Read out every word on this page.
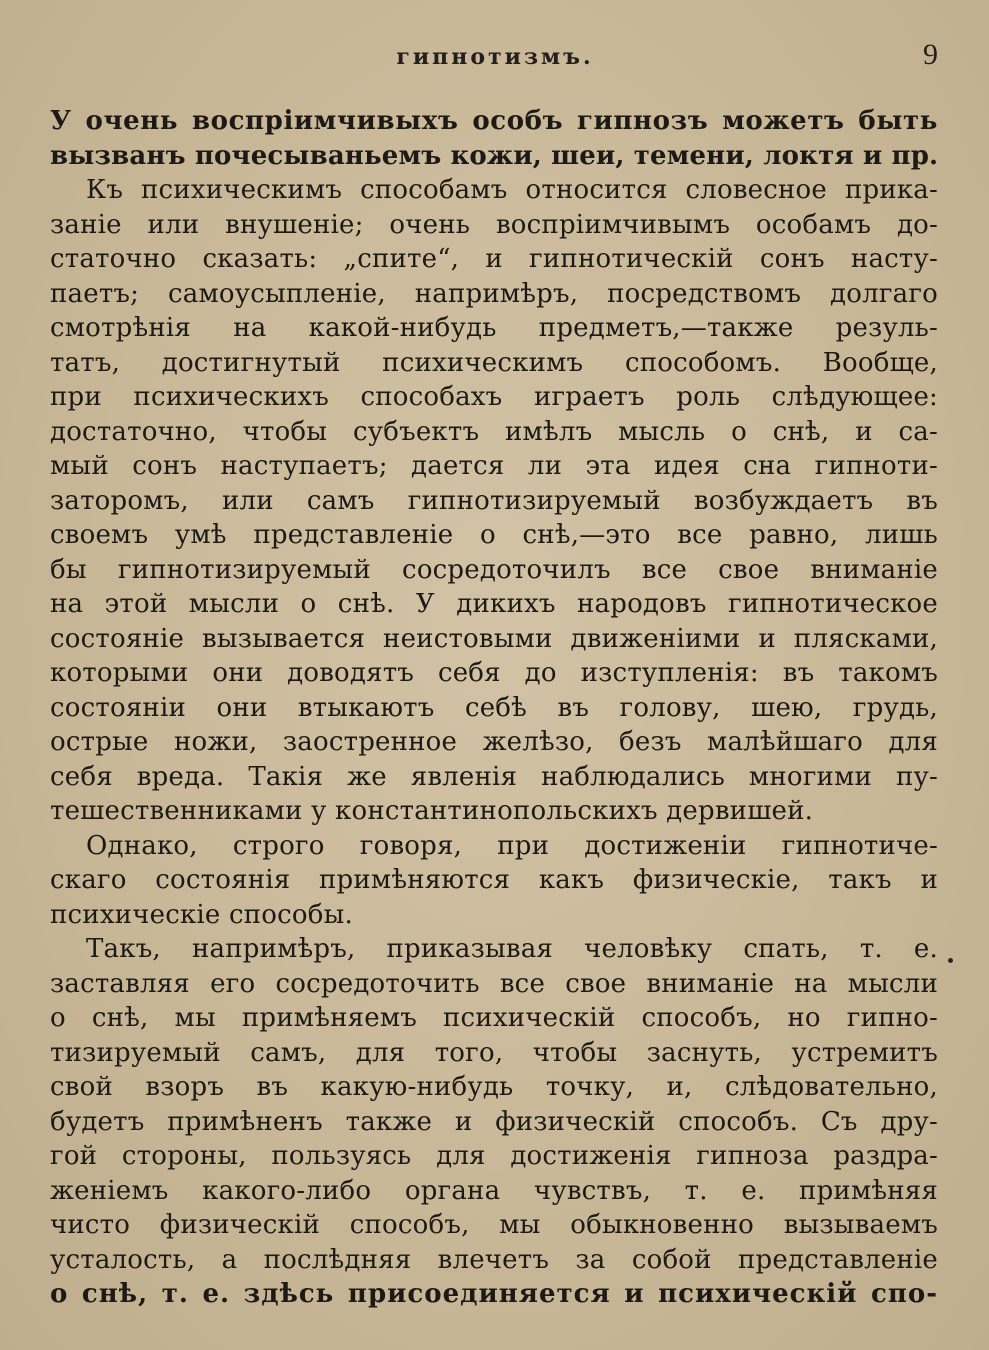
гипнотизмъ.	9
У очень воспріимчивыхъ особъ гипнозъ можетъ быть
вызванъ почесываньемъ кожи, шеи, темени, локтя и пр.
Къ психическимъ способамъ относится словесное прика-
заніе или внушеніе; очень воспріимчивымъ особамъ до-
статочно сказать: „спите“, и гипнотическій сонъ насту-
паетъ; самоусыпленіе, напримѣръ, посредствомъ долгаго
смотрѣнія на какой-нибудь предметъ,—также резуль-
татъ, достигнутый психическимъ способомъ. Вообще,
при психическихъ способахъ играетъ роль слѣдующее:
достаточно, чтобы субъектъ имѣлъ мысль о снѣ, и са-
мый сонъ наступаетъ; дается ли эта идея сна гипноти-
заторомъ, или самъ гипнотизируемый возбуждаетъ въ
своемъ умѣ представленіе о снѣ,—это все равно, лишь
бы гипнотизируемый сосредоточилъ все свое вниманіе
на этой мысли о снѣ. У дикихъ народовъ гипнотическое
состояніе вызывается неистовыми движеніими и плясками,
которыми они доводятъ себя до изступленія: въ такомъ
состояніи они втыкаютъ себѣ въ голову, шею, грудь,
острые ножи, заостренное желѣзо, безъ малѣйшаго для
себя вреда. Такія же явленія наблюдались многими пу-
тешественниками у константинопольскихъ дервишей.
Однако, строго говоря, при достиженіи гипнотиче-
скаго состоянія примѣняются какъ физическіе, такъ и
психическіе способы.
Такъ, напримѣръ, приказывая человѣку спать, т. е.
заставляя его сосредоточить все свое вниманіе на мысли
о снѣ, мы примѣняемъ психическій способъ, но гипно-
тизируемый самъ, для того, чтобы заснуть, устремитъ
свой взоръ въ какую-нибудь точку, и, слѣдовательно,
будетъ примѣненъ также и физическій способъ. Съ дру-
гой стороны, пользуясь для достиженія гипноза раздра-
женіемъ какого-либо органа чувствъ, т. е. примѣняя
чисто физическій способъ, мы обыкновенно вызываемъ
усталость, а послѣдняя влечетъ за собой представленіе
о снѣ, т. е. здѣсь присоединяется и психическій спо-
